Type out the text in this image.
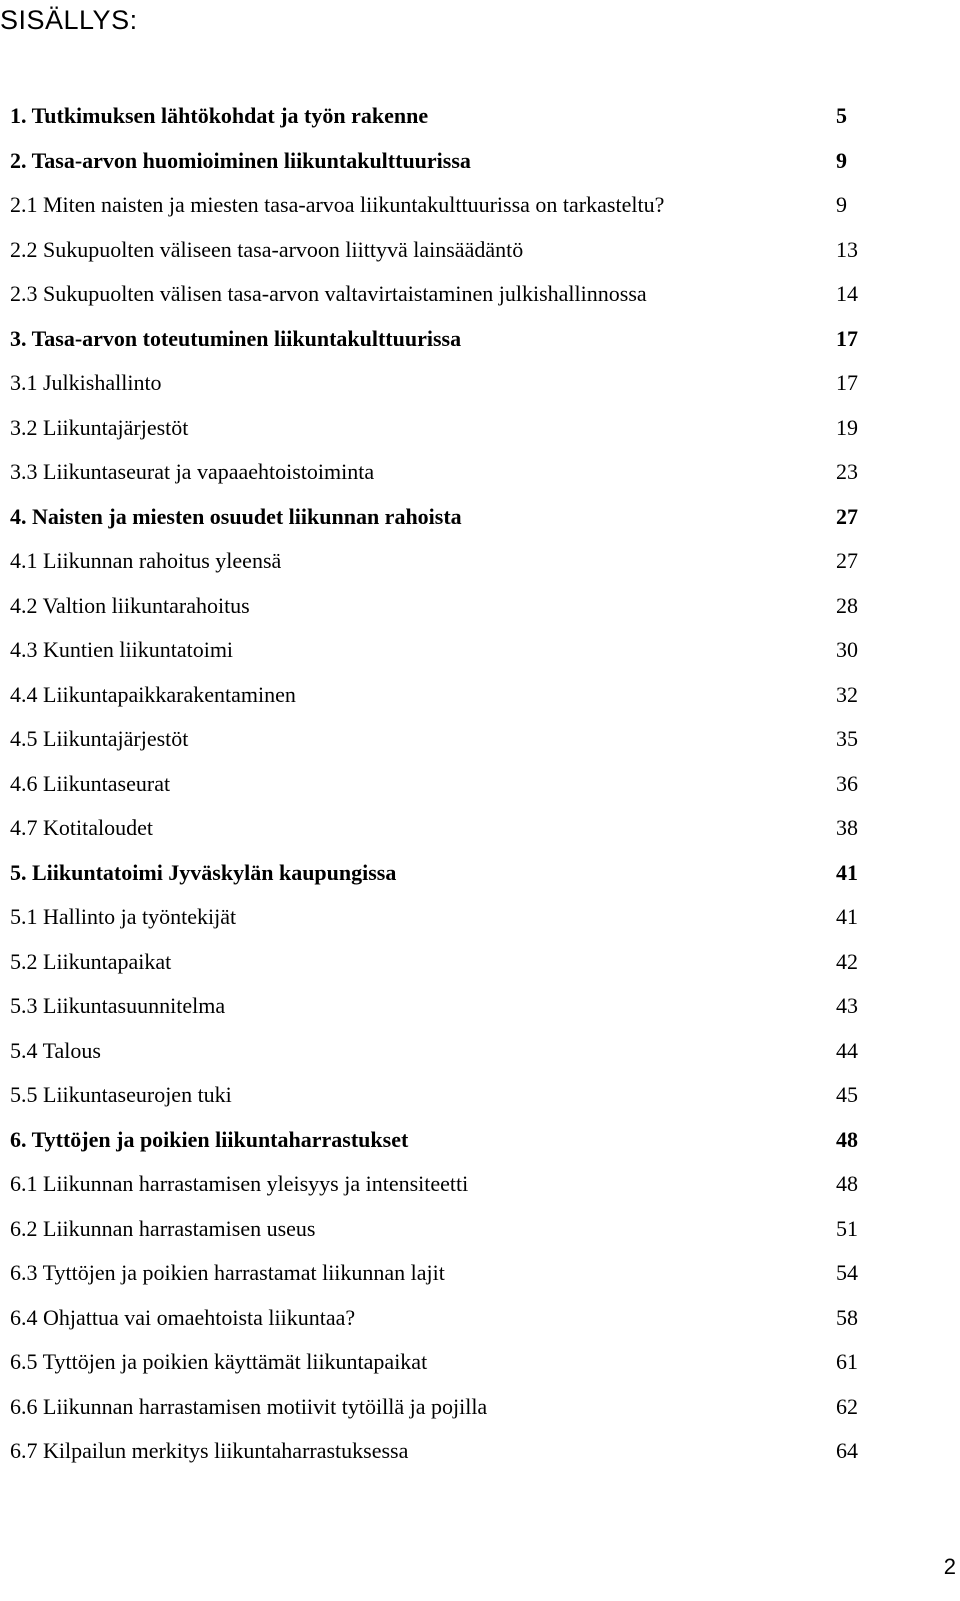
SISÄLLYS:
1. Tutkimuksen lähtökohdat ja työn rakenne	5
2. Tasa-arvon huomioiminen liikuntakulttuurissa	9
2.1 Miten naisten ja miesten tasa-arvoa liikuntakulttuurissa on tarkasteltu?	9
2.2 Sukupuolten väliseen tasa-arvoon liittyvä lainsäädäntö	13
2.3 Sukupuolten välisen tasa-arvon valtavirtaistaminen julkishallinnossa	14
3. Tasa-arvon toteutuminen liikuntakulttuurissa	17
3.1 Julkishallinto	17
3.2 Liikuntajärjestöt	19
3.3 Liikuntaseurat ja vapaaehtoistoiminta	23
4. Naisten ja miesten osuudet liikunnan rahoista	27
4.1 Liikunnan rahoitus yleensä	27
4.2 Valtion liikuntarahoitus	28
4.3 Kuntien liikuntatoimi	30
4.4 Liikuntapaikkarakentaminen	32
4.5 Liikuntajärjestöt	35
4.6 Liikuntaseurat	36
4.7 Kotitaloudet	38
5. Liikuntatoimi Jyväskylän kaupungissa	41
5.1 Hallinto ja työntekijät	41
5.2 Liikuntapaikat	42
5.3 Liikuntasuunnitelma	43
5.4 Talous	44
5.5 Liikuntaseurojen tuki	45
6. Tyttöjen ja poikien liikuntaharrastukset	48
6.1 Liikunnan harrastamisen yleisyys ja intensiteetti	48
6.2 Liikunnan harrastamisen useus	51
6.3 Tyttöjen ja poikien harrastamat liikunnan lajit	54
6.4 Ohjattua vai omaehtoista liikuntaa?	58
6.5 Tyttöjen ja poikien käyttämät liikuntapaikat	61
6.6 Liikunnan harrastamisen motiivit tytöillä ja pojilla	62
6.7 Kilpailun merkitys liikuntaharrastuksessa	64
2
